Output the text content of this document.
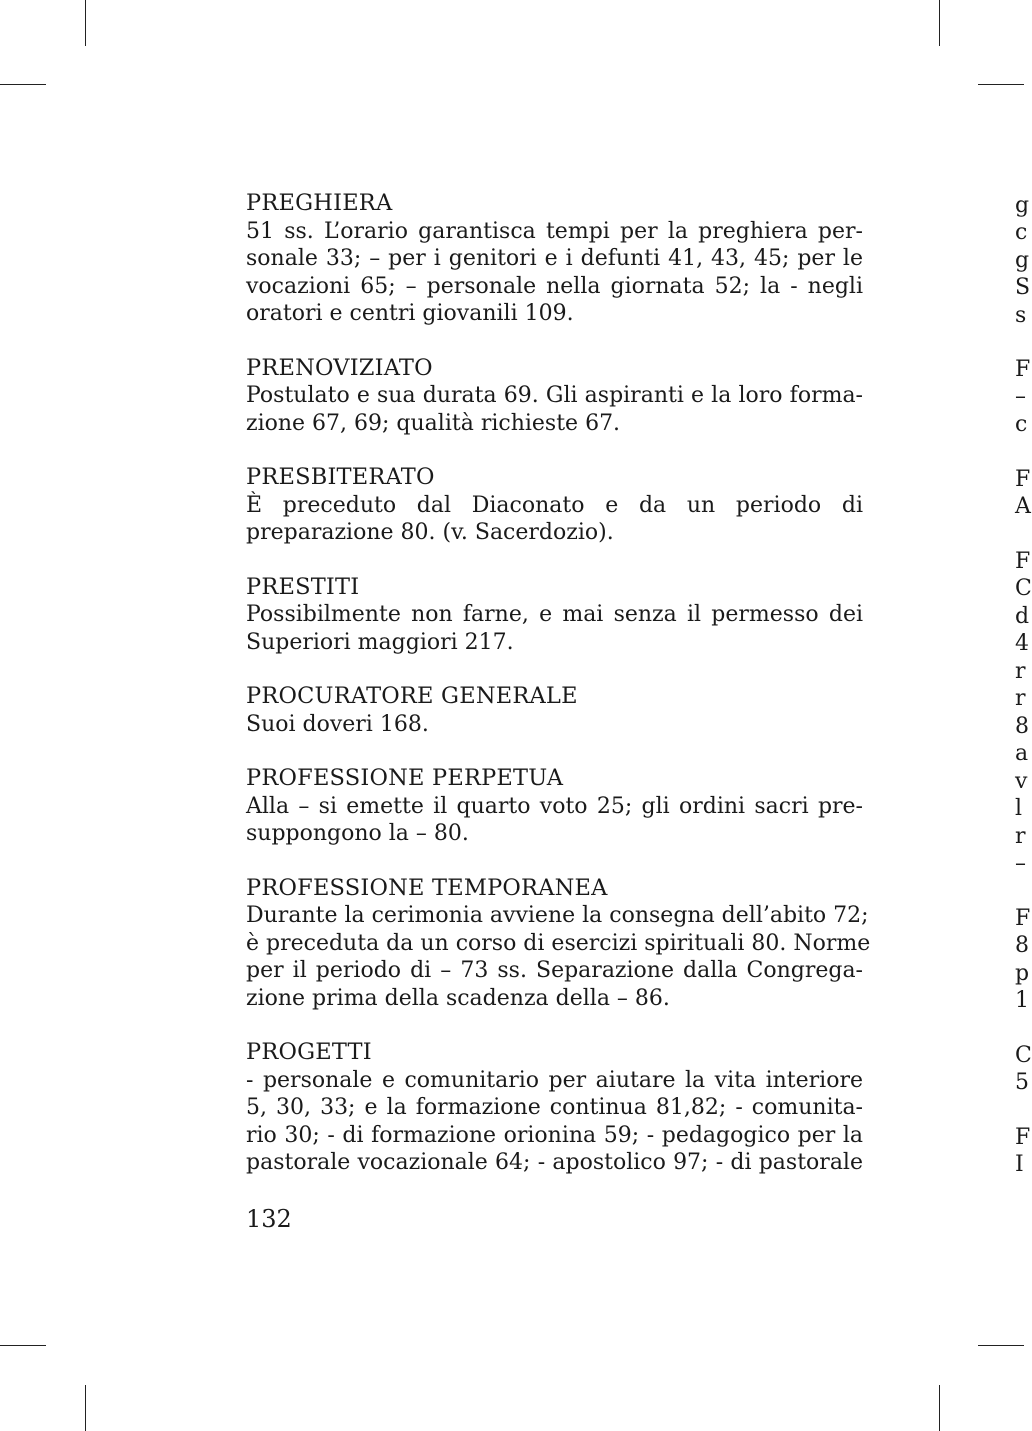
PREGHIERA
51 ss. L’orario garantisca tempi per la preghiera per-
sonale 33; – per i genitori e i defunti 41, 43, 45; per le
vocazioni 65; – personale nella giornata 52; la - negli
oratori e centri giovanili 109.
PRENOVIZIATO
Postulato e sua durata 69. Gli aspiranti e la loro forma-
zione 67, 69; qualità richieste 67.
PRESBITERATO
È preceduto dal Diaconato e da un periodo di
preparazione 80. (v. Sacerdozio).
PRESTITI
Possibilmente non farne, e mai senza il permesso dei
Superiori maggiori 217.
PROCURATORE GENERALE
Suoi doveri 168.
PROFESSIONE PERPETUA
Alla – si emette il quarto voto 25; gli ordini sacri pre-
suppongono la – 80.
PROFESSIONE TEMPORANEA
Durante la cerimonia avviene la consegna dell’abito 72;
è preceduta da un corso di esercizi spirituali 80. Norme
per il periodo di – 73 ss. Separazione dalla Congrega-
zione prima della scadenza della – 86.
PROGETTI
- personale e comunitario per aiutare la vita interiore
5, 30, 33; e la formazione continua 81,82; - comunita-
rio 30; - di formazione orionina 59; - pedagogico per la
pastorale vocazionale 64; - apostolico 97; - di pastorale
132
g
c
g
S
s
F
–
c
F
A
F
C
d
4
r
r
8
a
v
l
r
–
F
8
p
1
C
5
F
I
